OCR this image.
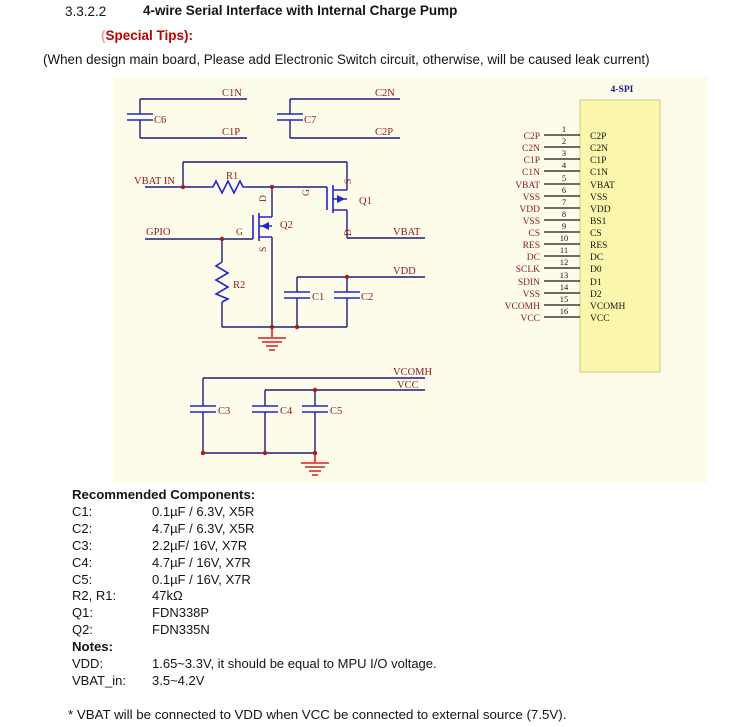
3.3.2.2	4-wire Serial Interface with Internal Charge Pump
(Special Tips):
(When design main board, Please add Electronic Switch circuit, otherwise, will be caused leak current)
C1N
C1P
C6
C2N
C2P
C7
VBAT IN	R1	S
D
G
Q1
D
G
S
Q2
VBAT
GPIO
R2
VDD
C1	C2
VCOMH
VCC
C3	C4	C5
4-SPI
1
C2P	C2P
2
C2N	C2N
3
C1P	C1P
4
C1N	C1N
5
VBAT	VBAT
6
VSS	VSS
7
VDD	VDD
8
VSS	BS1
9
CS	CS
10
RES	RES
11
DC	DC
12
SCLK	D0
13
SDIN	D1
14
VSS	D2
15
VCOMH	VCOMH
16
VCC	VCC
Recommended Components:
C1:	0.1µF / 6.3V, X5R
C2:	4.7µF / 6.3V, X5R
C3:	2.2µF/ 16V, X7R
C4:	4.7µF / 16V, X7R
C5:	0.1µF / 16V, X7R
R2, R1:	47kΩ
Q1:	FDN338P
Q2:	FDN335N
Notes:
VDD:	1.65~3.3V, it should be equal to MPU I/O voltage.
VBAT_in:	3.5~4.2V
* VBAT will be connected to VDD when VCC be connected to external source (7.5V).
